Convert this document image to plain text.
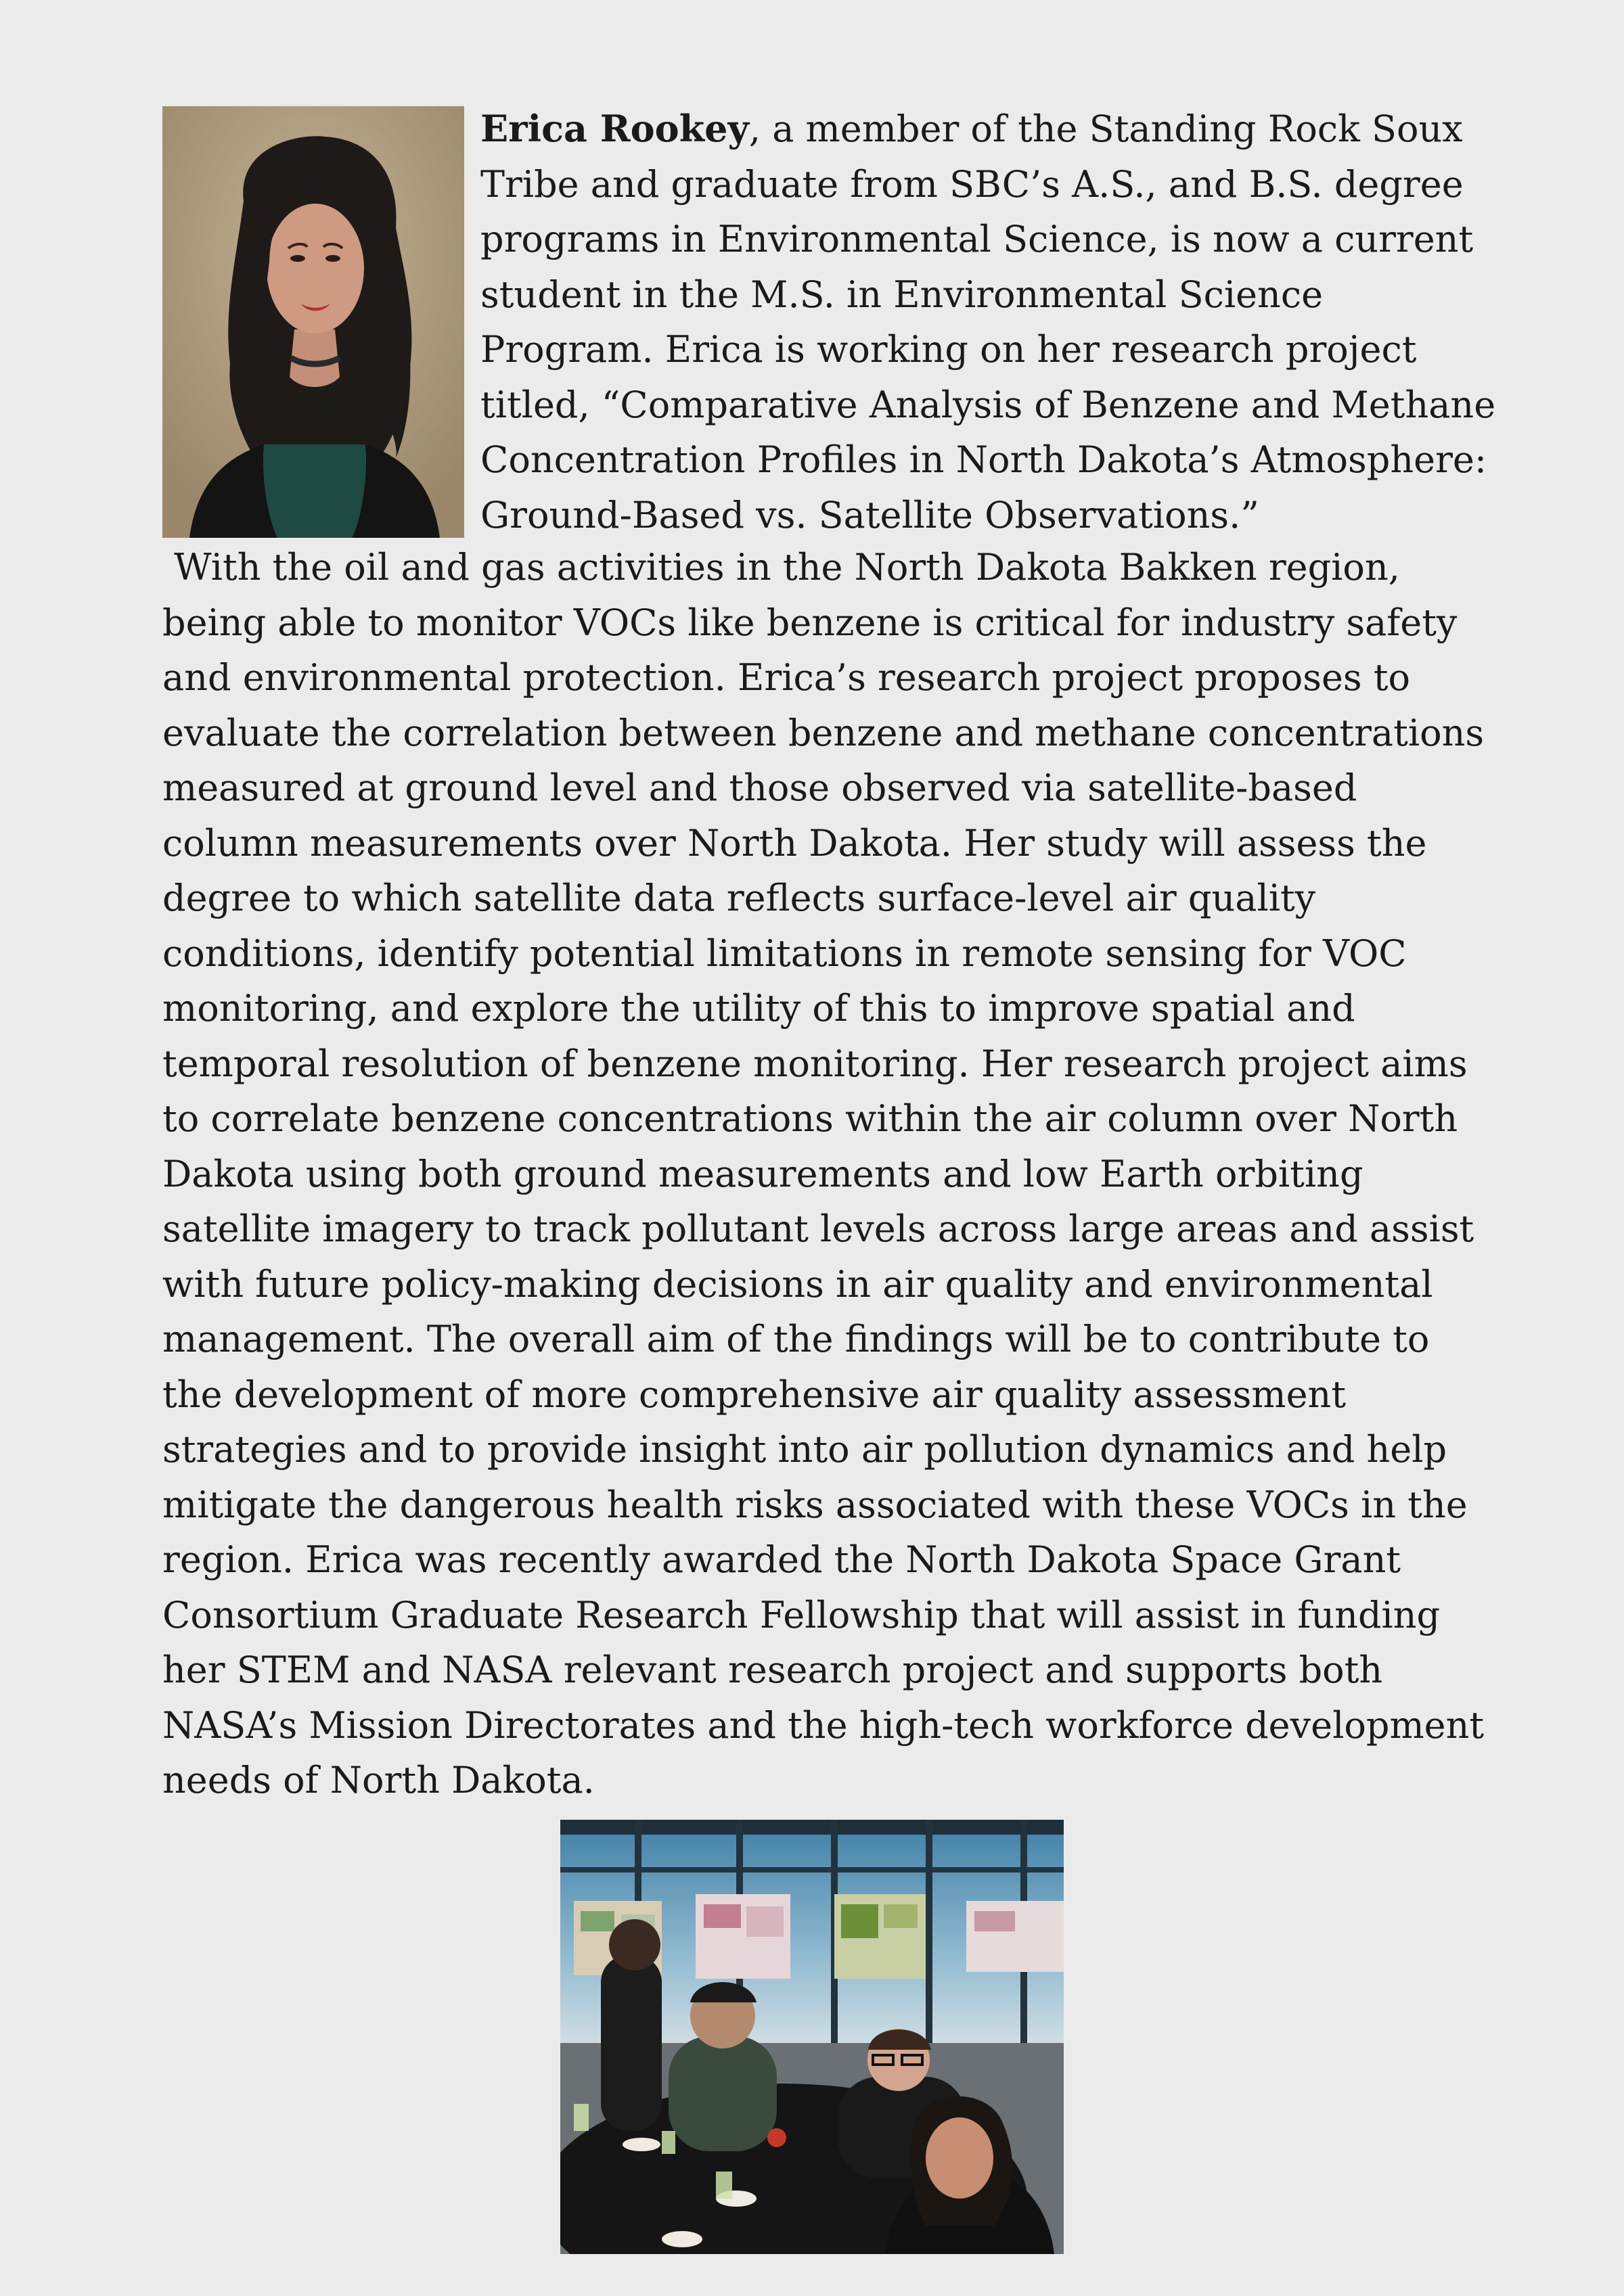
Erica Rookey, a member of the Standing Rock Soux
Tribe and graduate from SBC’s A.S., and B.S. degree
programs in Environmental Science, is now a current
student in the M.S. in Environmental Science
Program. Erica is working on her research project
titled, “Comparative Analysis of Benzene and Methane
Concentration Profiles in North Dakota’s Atmosphere:
Ground-Based vs. Satellite Observations.”

With the oil and gas activities in the North Dakota Bakken region,
being able to monitor VOCs like benzene is critical for industry safety
and environmental protection. Erica’s research project proposes to
evaluate the correlation between benzene and methane concentrations
measured at ground level and those observed via satellite-based
column measurements over North Dakota. Her study will assess the
degree to which satellite data reflects surface-level air quality
conditions, identify potential limitations in remote sensing for VOC
monitoring, and explore the utility of this to improve spatial and
temporal resolution of benzene monitoring. Her research project aims
to correlate benzene concentrations within the air column over North
Dakota using both ground measurements and low Earth orbiting
satellite imagery to track pollutant levels across large areas and assist
with future policy-making decisions in air quality and environmental
management. The overall aim of the findings will be to contribute to
the development of more comprehensive air quality assessment
strategies and to provide insight into air pollution dynamics and help
mitigate the dangerous health risks associated with these VOCs in the
region. Erica was recently awarded the North Dakota Space Grant
Consortium Graduate Research Fellowship that will assist in funding
her STEM and NASA relevant research project and supports both
NASA’s Mission Directorates and the high-tech workforce development
needs of North Dakota.
